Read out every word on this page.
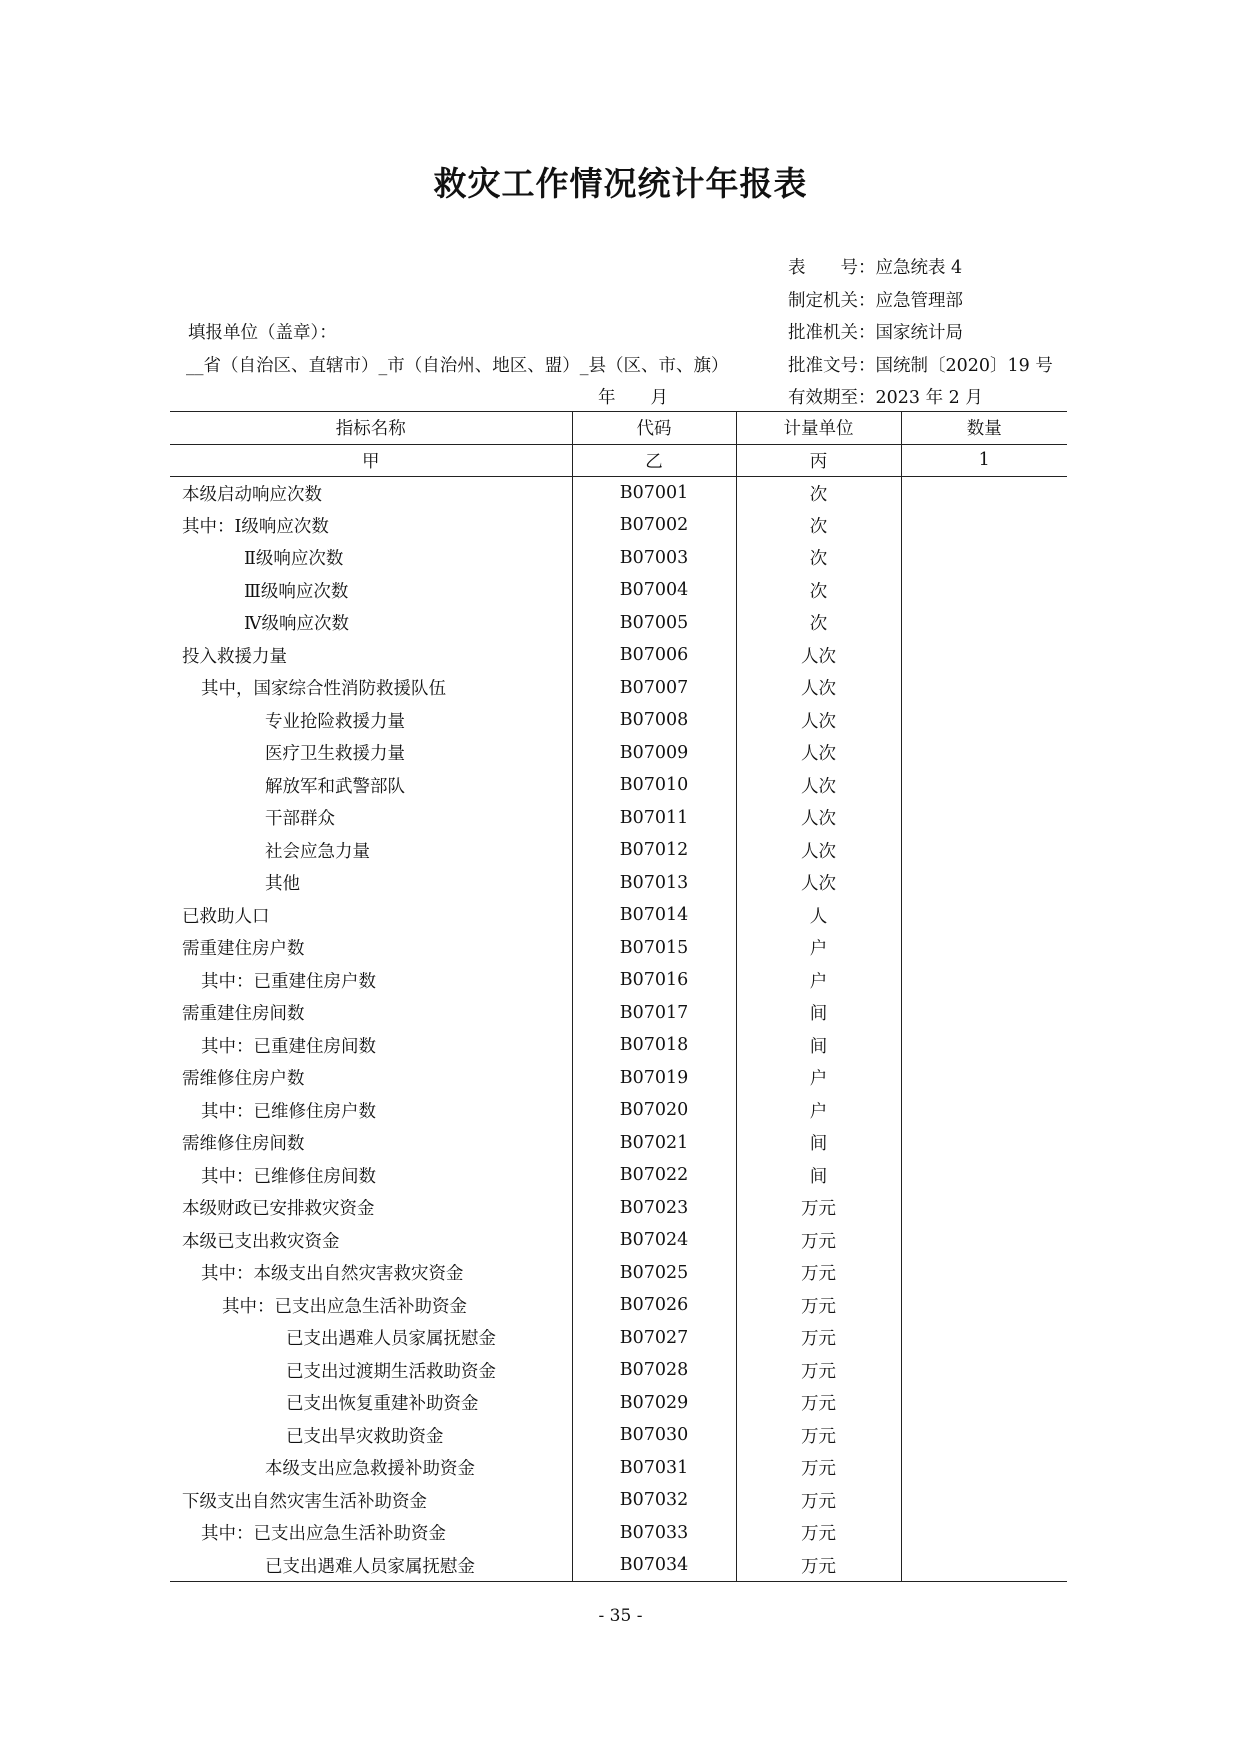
救灾工作情况统计年报表
表　　号：应急统表 4
制定机关：应急管理部
批准机关：国家统计局
批准文号：国统制〔2020〕19 号
有效期至：2023 年 2 月
填报单位（盖章）：
__省（自治区、直辖市）_市（自治州、地区、盟）_县（区、市、旗）
年　　月
指标名称	代码	计量单位	数量
甲	乙	丙	1
本级启动响应次数	B07001	次	
其中：Ⅰ级响应次数	B07002	次	
Ⅱ级响应次数	B07003	次	
Ⅲ级响应次数	B07004	次	
Ⅳ级响应次数	B07005	次	
投入救援力量	B07006	人次	
其中，国家综合性消防救援队伍	B07007	人次	
专业抢险救援力量	B07008	人次	
医疗卫生救援力量	B07009	人次	
解放军和武警部队	B07010	人次	
干部群众	B07011	人次	
社会应急力量	B07012	人次	
其他	B07013	人次	
已救助人口	B07014	人	
需重建住房户数	B07015	户	
其中：已重建住房户数	B07016	户	
需重建住房间数	B07017	间	
其中：已重建住房间数	B07018	间	
需维修住房户数	B07019	户	
其中：已维修住房户数	B07020	户	
需维修住房间数	B07021	间	
其中：已维修住房间数	B07022	间	
本级财政已安排救灾资金	B07023	万元	
本级已支出救灾资金	B07024	万元	
其中：本级支出自然灾害救灾资金	B07025	万元	
其中：已支出应急生活补助资金	B07026	万元	
已支出遇难人员家属抚慰金	B07027	万元	
已支出过渡期生活救助资金	B07028	万元	
已支出恢复重建补助资金	B07029	万元	
已支出旱灾救助资金	B07030	万元	
本级支出应急救援补助资金	B07031	万元	
下级支出自然灾害生活补助资金	B07032	万元	
其中：已支出应急生活补助资金	B07033	万元	
已支出遇难人员家属抚慰金	B07034	万元	
- 35 -
